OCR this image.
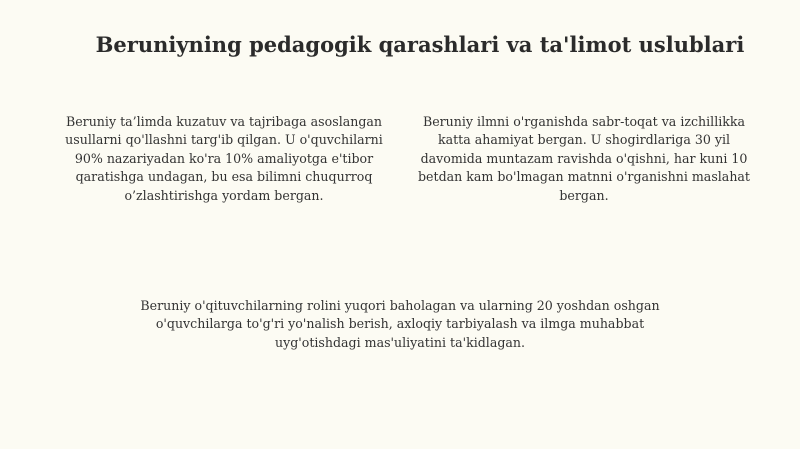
Beruniyning pedagogik qarashlari va ta'limot uslublari

Beruniy ta’limda kuzatuv va tajribaga asoslangan usullarni qo'llashni targ'ib qilgan. U o'quvchilarni 90% nazariyadan ko'ra 10% amaliyotga e'tibor qaratishga undagan, bu esa bilimni chuqurroq o’zlashtirishga yordam bergan.

Beruniy ilmni o'rganishda sabr-toqat va izchillikka katta ahamiyat bergan. U shogirdlariga 30 yil davomida muntazam ravishda o'qishni, har kuni 10 betdan kam bo'lmagan matnni o'rganishni maslahat bergan.

Beruniy o'qituvchilarning rolini yuqori baholagan va ularning 20 yoshdan oshgan o'quvchilarga to'g'ri yo'nalish berish, axloqiy tarbiyalash va ilmga muhabbat uyg'otishdagi mas'uliyatini ta'kidlagan.
